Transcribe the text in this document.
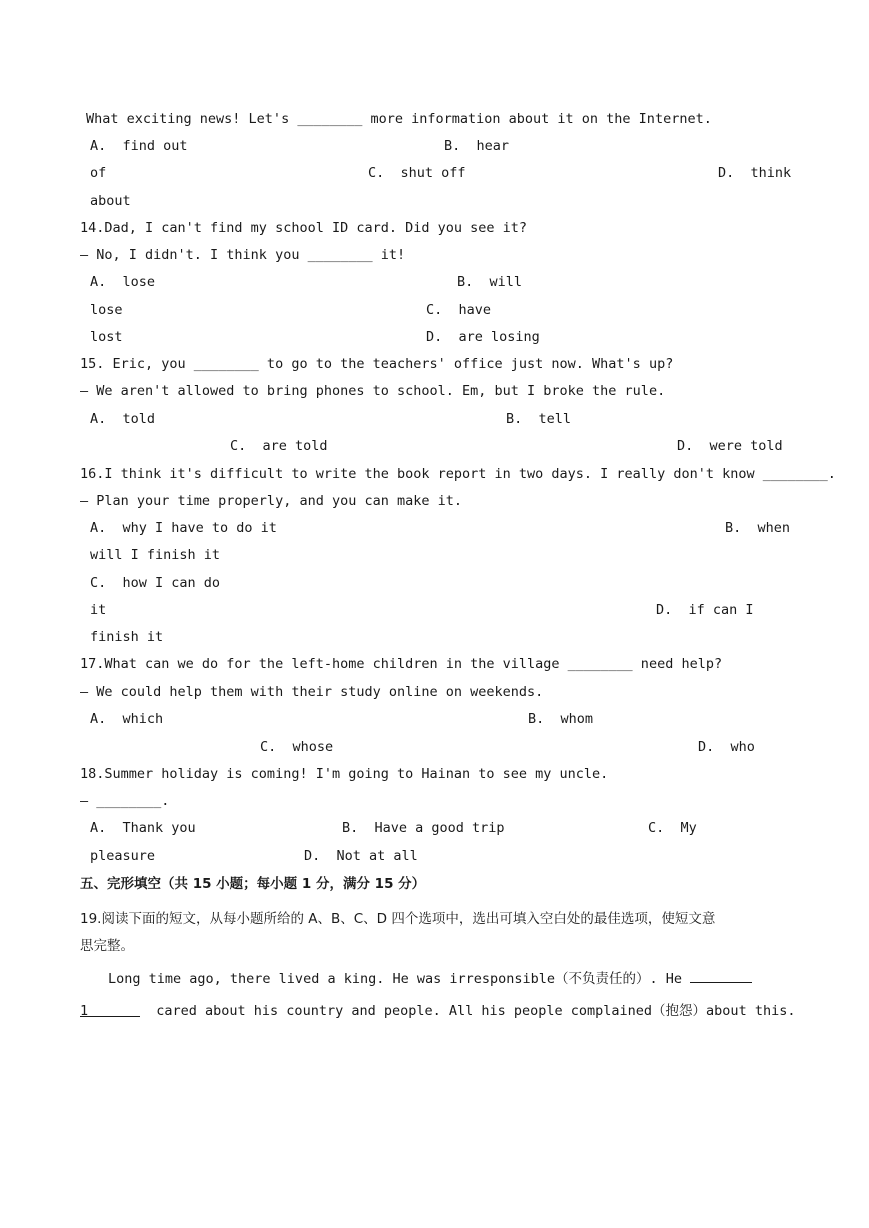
What exciting news! Let's ________ more information about it on the Internet.
A.  find out	B.  hear
of	C.  shut off	D.  think
about
14.Dad, I can't find my school ID card. Did you see it?
— No, I didn't. I think you ________ it!
A.  lose	B.  will
lose	C.  have
lost	D.  are losing
15. Eric, you ________ to go to the teachers' office just now. What's up?
— We aren't allowed to bring phones to school. Em, but I broke the rule.
A.  told	B.  tell
C.  are told	D.  were told
16.I think it's difficult to write the book report in two days. I really don't know ________.
— Plan your time properly, and you can make it.
A.  why I have to do it	B.  when
will I finish it
C.  how I can do
it	D.  if can I
finish it
17.What can we do for the left-home children in the village ________ need help?
— We could help them with their study online on weekends.
A.  which	B.  whom
C.  whose	D.  who
18.Summer holiday is coming! I'm going to Hainan to see my uncle.
— ________.
A.  Thank you	B.  Have a good trip	C.  My
pleasure	D.  Not at all
五、完形填空（共 15 小题；每小题 1 分，满分 15 分）
19.阅读下面的短文，从每小题所给的 A、B、C、D 四个选项中，选出可填入空白处的最佳选项，使短文意
思完整。
Long time ago, there lived a king. He was irresponsible（不负责任的）. He
1	cared about his country and people. All his people complained（抱怨）about this.
